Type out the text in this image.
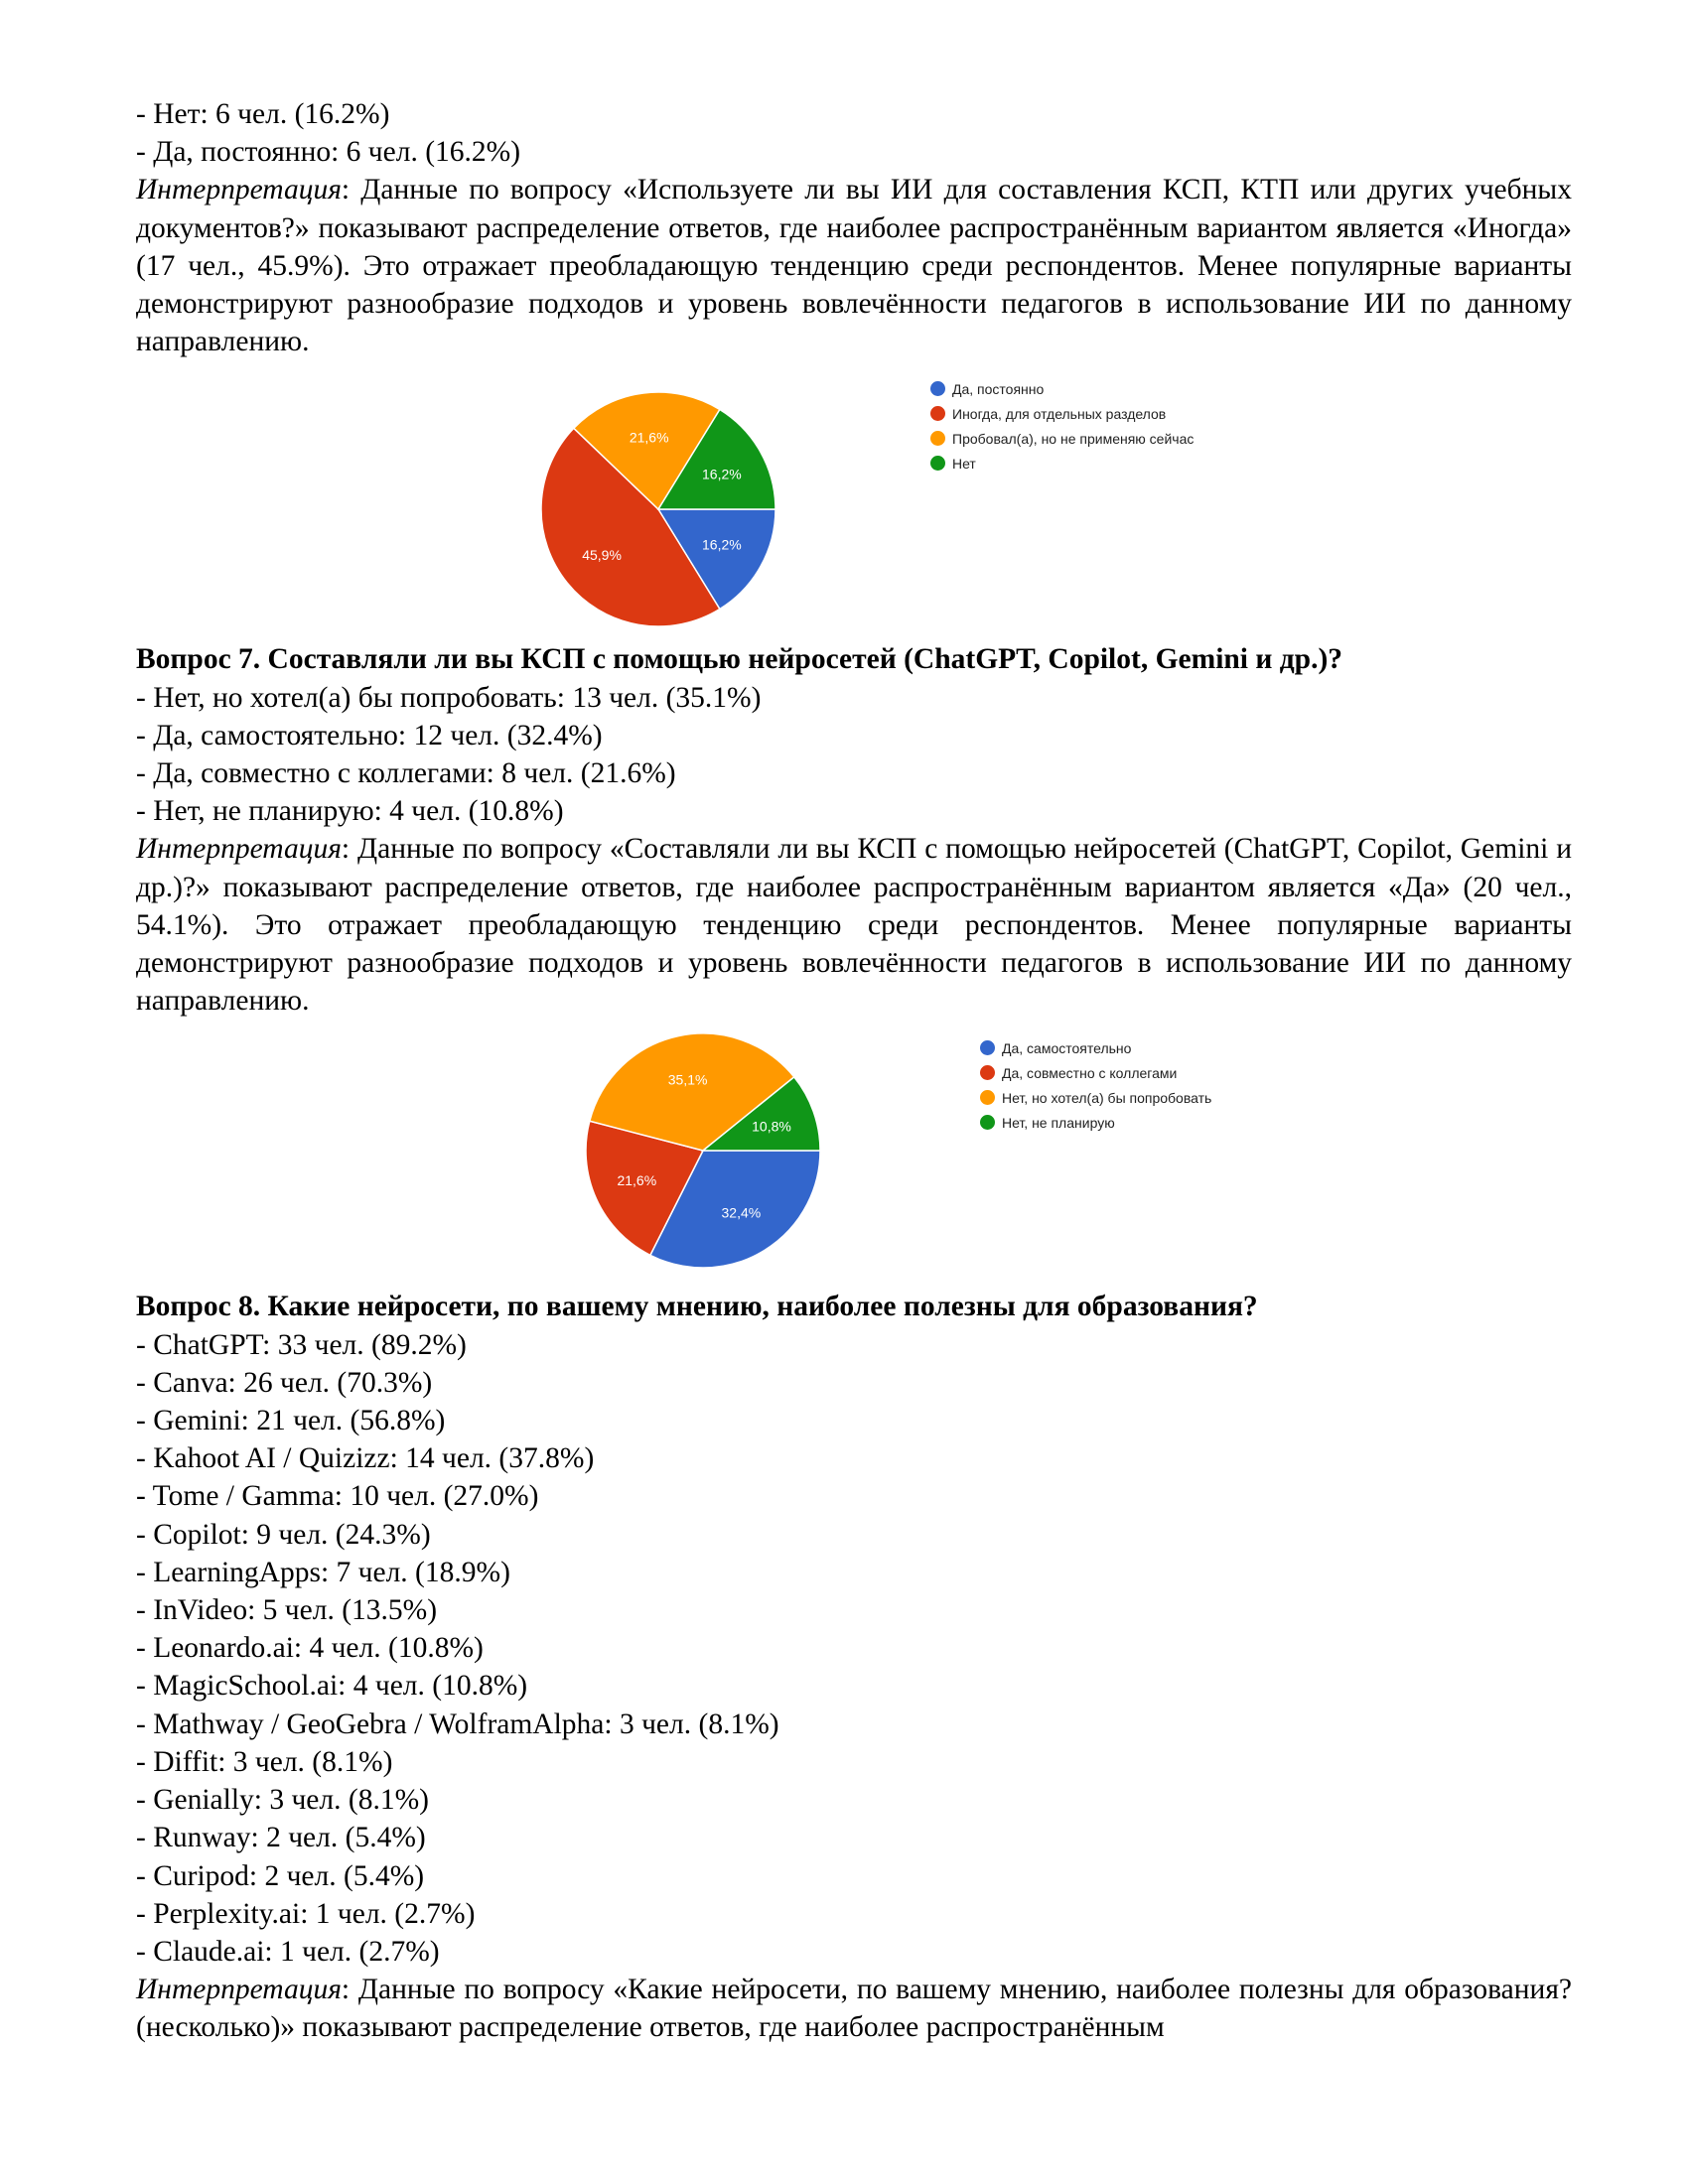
- Нет: 6 чел. (16.2%)
- Да, постоянно: 6 чел. (16.2%)
Интерпретация: Данные по вопросу «Используете ли вы ИИ для составления КСП, КТП или других учебных документов?» показывают распределение ответов, где наиболее распространённым вариантом является «Иногда» (17 чел., 45.9%). Это отражает преобладающую тенденцию среди респондентов. Менее популярные варианты демонстрируют разнообразие подходов и уровень вовлечённости педагогов в использование ИИ по данному направлению.
16,2%
45,9%
21,6%
16,2%
Да, постоянно
Иногда, для отдельных разделов
Пробовал(а), но не применяю сейчас
Нет
Вопрос 7. Составляли ли вы КСП с помощью нейросетей (ChatGPT, Copilot, Gemini и др.)?
- Нет, но хотел(а) бы попробовать: 13 чел. (35.1%)
- Да, самостоятельно: 12 чел. (32.4%)
- Да, совместно с коллегами: 8 чел. (21.6%)
- Нет, не планирую: 4 чел. (10.8%)
Интерпретация: Данные по вопросу «Составляли ли вы КСП с помощью нейросетей (ChatGPT, Copilot, Gemini и др.)?» показывают распределение ответов, где наиболее распространённым вариантом является «Да» (20 чел., 54.1%). Это отражает преобладающую тенденцию среди респондентов. Менее популярные варианты демонстрируют разнообразие подходов и уровень вовлечённости педагогов в использование ИИ по данному направлению.
32,4%
21,6%
35,1%
10,8%
Да, самостоятельно
Да, совместно с коллегами
Нет, но хотел(а) бы попробовать
Нет, не планирую
Вопрос 8. Какие нейросети, по вашему мнению, наиболее полезны для образования?
- ChatGPT: 33 чел. (89.2%)
- Canva: 26 чел. (70.3%)
- Gemini: 21 чел. (56.8%)
- Kahoot AI / Quizizz: 14 чел. (37.8%)
- Tome / Gamma: 10 чел. (27.0%)
- Copilot: 9 чел. (24.3%)
- LearningApps: 7 чел. (18.9%)
- InVideo: 5 чел. (13.5%)
- Leonardo.ai: 4 чел. (10.8%)
- MagicSchool.ai: 4 чел. (10.8%)
- Mathway / GeoGebra / WolframAlpha: 3 чел. (8.1%)
- Diffit: 3 чел. (8.1%)
- Genially: 3 чел. (8.1%)
- Runway: 2 чел. (5.4%)
- Curipod: 2 чел. (5.4%)
- Perplexity.ai: 1 чел. (2.7%)
- Claude.ai: 1 чел. (2.7%)
Интерпретация: Данные по вопросу «Какие нейросети, по вашему мнению, наиболее полезны для образования? (несколько)» показывают распределение ответов, где наиболее распространённым
